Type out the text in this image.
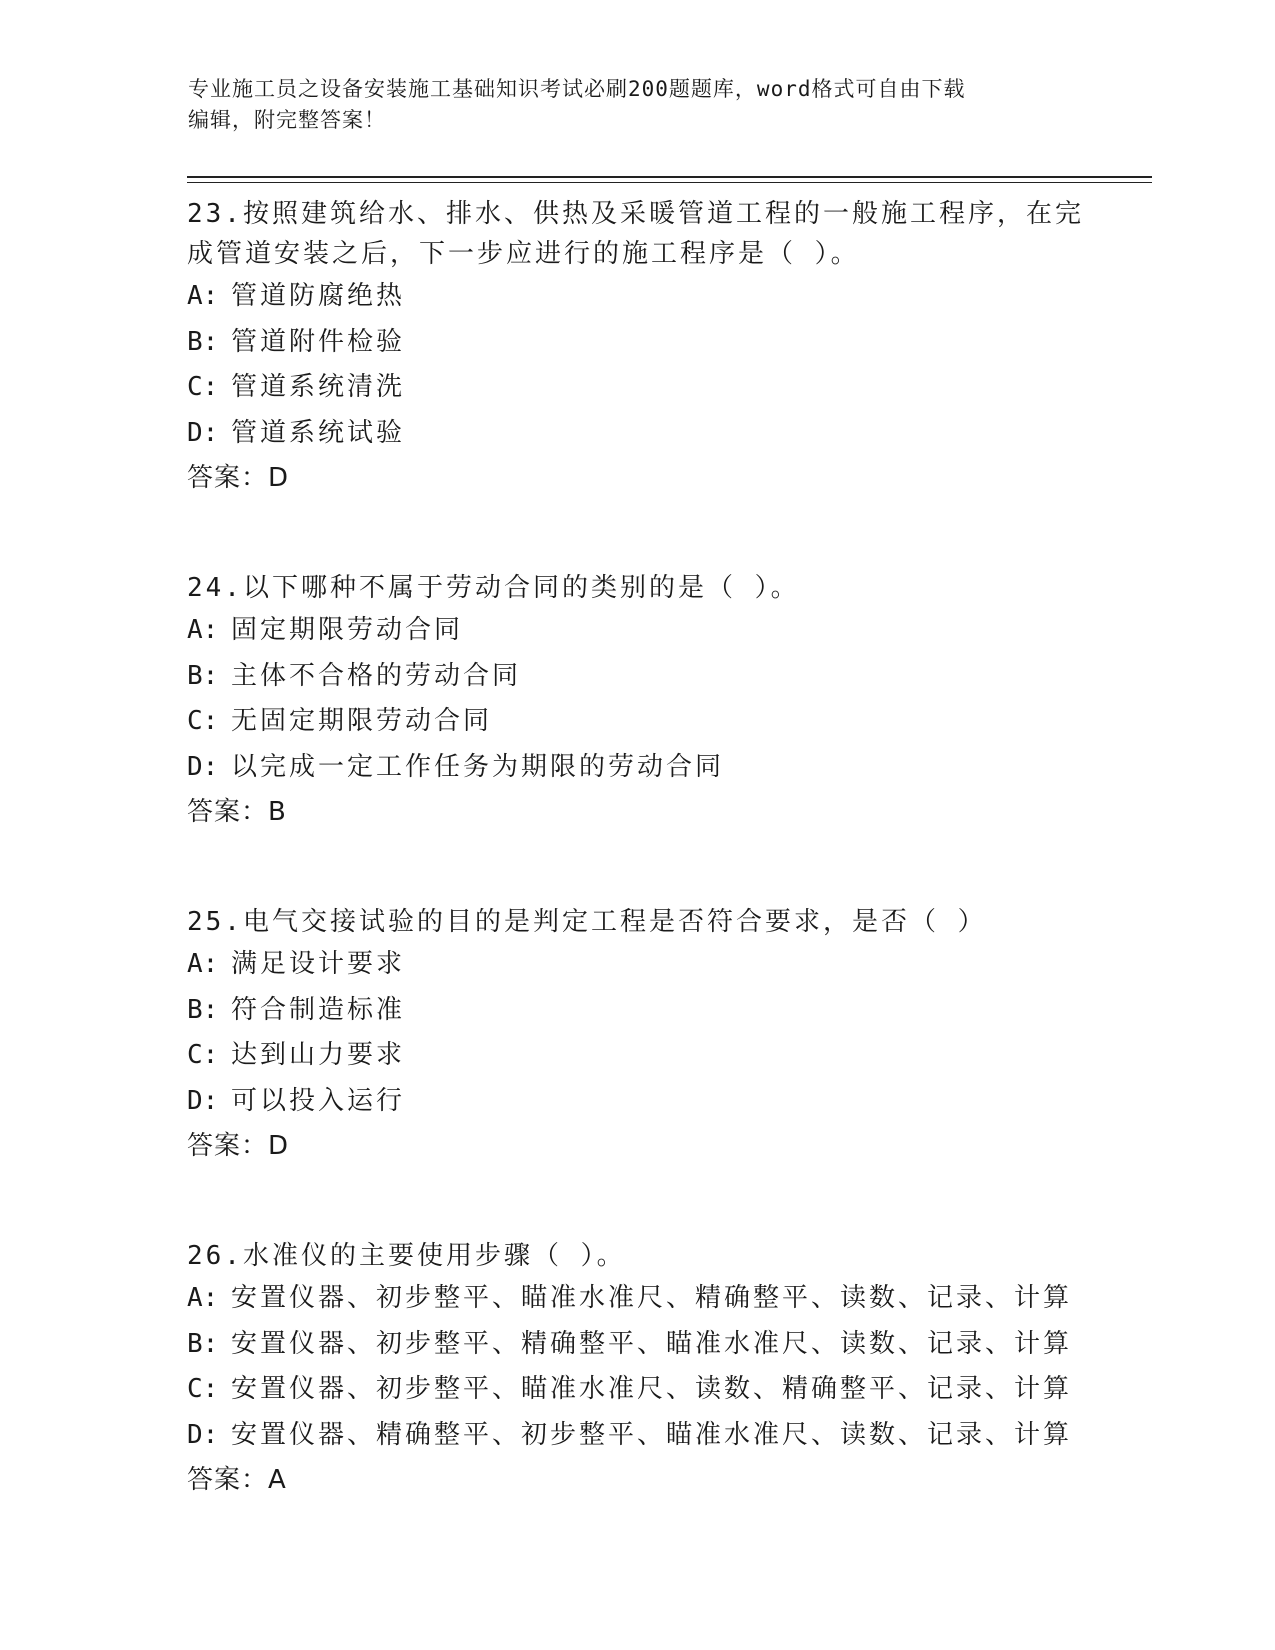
专业施工员之设备安装施工基础知识考试必刷200题题库，word格式可自由下载
编辑，附完整答案！
23.按照建筑给水、排水、供热及采暖管道工程的一般施工程序，在完
成管道安装之后，下一步应进行的施工程序是（ ）。
A: 管道防腐绝热
B: 管道附件检验
C: 管道系统清洗
D: 管道系统试验
答案：D
24.以下哪种不属于劳动合同的类别的是（ ）。
A: 固定期限劳动合同
B: 主体不合格的劳动合同
C: 无固定期限劳动合同
D: 以完成一定工作任务为期限的劳动合同
答案：B
25.电气交接试验的目的是判定工程是否符合要求，是否（ ）
A: 满足设计要求
B: 符合制造标准
C: 达到山力要求
D: 可以投入运行
答案：D
26.水准仪的主要使用步骤（ ）。
A: 安置仪器、初步整平、瞄准水准尺、精确整平、读数、记录、计算
B: 安置仪器、初步整平、精确整平、瞄准水准尺、读数、记录、计算
C: 安置仪器、初步整平、瞄准水准尺、读数、精确整平、记录、计算
D: 安置仪器、精确整平、初步整平、瞄准水准尺、读数、记录、计算
答案：A
